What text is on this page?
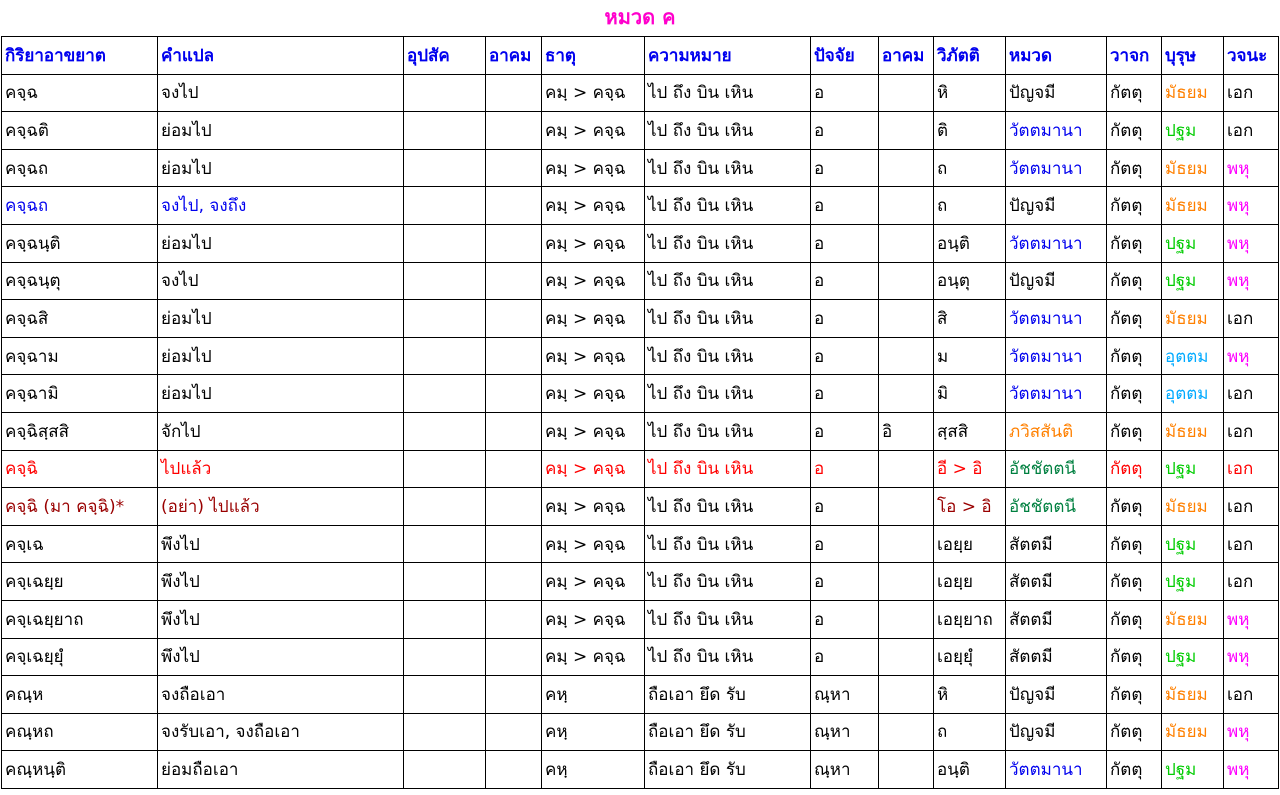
หมวด ค
กิริยาอาขยาต	คำแปล	อุปสัค	อาคม	ธาตุ	ความหมาย	ปัจจัย	อาคม	วิภัตติ	หมวด	วาจก	บุรุษ	วจนะ
คจฺฉ	จงไป			คมฺ > คจฺฉ	ไป ถึง บิน เหิน	อ		หิ	ปัญจมี	กัตตุ	มัธยม	เอก
คจฺฉติ	ย่อมไป			คมฺ > คจฺฉ	ไป ถึง บิน เหิน	อ		ติ	วัตตมานา	กัตตุ	ปฐม	เอก
คจฺฉถ	ย่อมไป			คมฺ > คจฺฉ	ไป ถึง บิน เหิน	อ		ถ	วัตตมานา	กัตตุ	มัธยม	พหุ
คจฺฉถ	จงไป, จงถึง			คมฺ > คจฺฉ	ไป ถึง บิน เหิน	อ		ถ	ปัญจมี	กัตตุ	มัธยม	พหุ
คจฺฉนฺติ	ย่อมไป			คมฺ > คจฺฉ	ไป ถึง บิน เหิน	อ		อนฺติ	วัตตมานา	กัตตุ	ปฐม	พหุ
คจฺฉนฺตุ	จงไป			คมฺ > คจฺฉ	ไป ถึง บิน เหิน	อ		อนฺตุ	ปัญจมี	กัตตุ	ปฐม	พหุ
คจฺฉสิ	ย่อมไป			คมฺ > คจฺฉ	ไป ถึง บิน เหิน	อ		สิ	วัตตมานา	กัตตุ	มัธยม	เอก
คจฺฉาม	ย่อมไป			คมฺ > คจฺฉ	ไป ถึง บิน เหิน	อ		ม	วัตตมานา	กัตตุ	อุตตม	พหุ
คจฺฉามิ	ย่อมไป			คมฺ > คจฺฉ	ไป ถึง บิน เหิน	อ		มิ	วัตตมานา	กัตตุ	อุตตม	เอก
คจฺฉิสฺสสิ	จักไป			คมฺ > คจฺฉ	ไป ถึง บิน เหิน	อ	อิ	สฺสสิ	ภวิสสันติ	กัตตุ	มัธยม	เอก
คจฺฉิ	ไปแล้ว			คมฺ > คจฺฉ	ไป ถึง บิน เหิน	อ		อี > อิ	อัชชัตตนี	กัตตุ	ปฐม	เอก
คจฺฉิ (มา คจฺฉิ)*	(อย่า) ไปแล้ว			คมฺ > คจฺฉ	ไป ถึง บิน เหิน	อ		โอ > อิ	อัชชัตตนี	กัตตุ	มัธยม	เอก
คจฺเฉ	พึงไป			คมฺ > คจฺฉ	ไป ถึง บิน เหิน	อ		เอยฺย	สัตตมี	กัตตุ	ปฐม	เอก
คจฺเฉยฺย	พึงไป			คมฺ > คจฺฉ	ไป ถึง บิน เหิน	อ		เอยฺย	สัตตมี	กัตตุ	ปฐม	เอก
คจฺเฉยฺยาถ	พึงไป			คมฺ > คจฺฉ	ไป ถึง บิน เหิน	อ		เอยฺยาถ	สัตตมี	กัตตุ	มัธยม	พหุ
คจฺเฉยฺยุํ	พึงไป			คมฺ > คจฺฉ	ไป ถึง บิน เหิน	อ		เอยฺยุํ	สัตตมี	กัตตุ	ปฐม	พหุ
คณฺห	จงถือเอา			คหฺ	ถือเอา ยึด รับ	ณฺหา		หิ	ปัญจมี	กัตตุ	มัธยม	เอก
คณฺหถ	จงรับเอา, จงถือเอา			คหฺ	ถือเอา ยึด รับ	ณฺหา		ถ	ปัญจมี	กัตตุ	มัธยม	พหุ
คณฺหนฺติ	ย่อมถือเอา			คหฺ	ถือเอา ยึด รับ	ณฺหา		อนฺติ	วัตตมานา	กัตตุ	ปฐม	พหุ
